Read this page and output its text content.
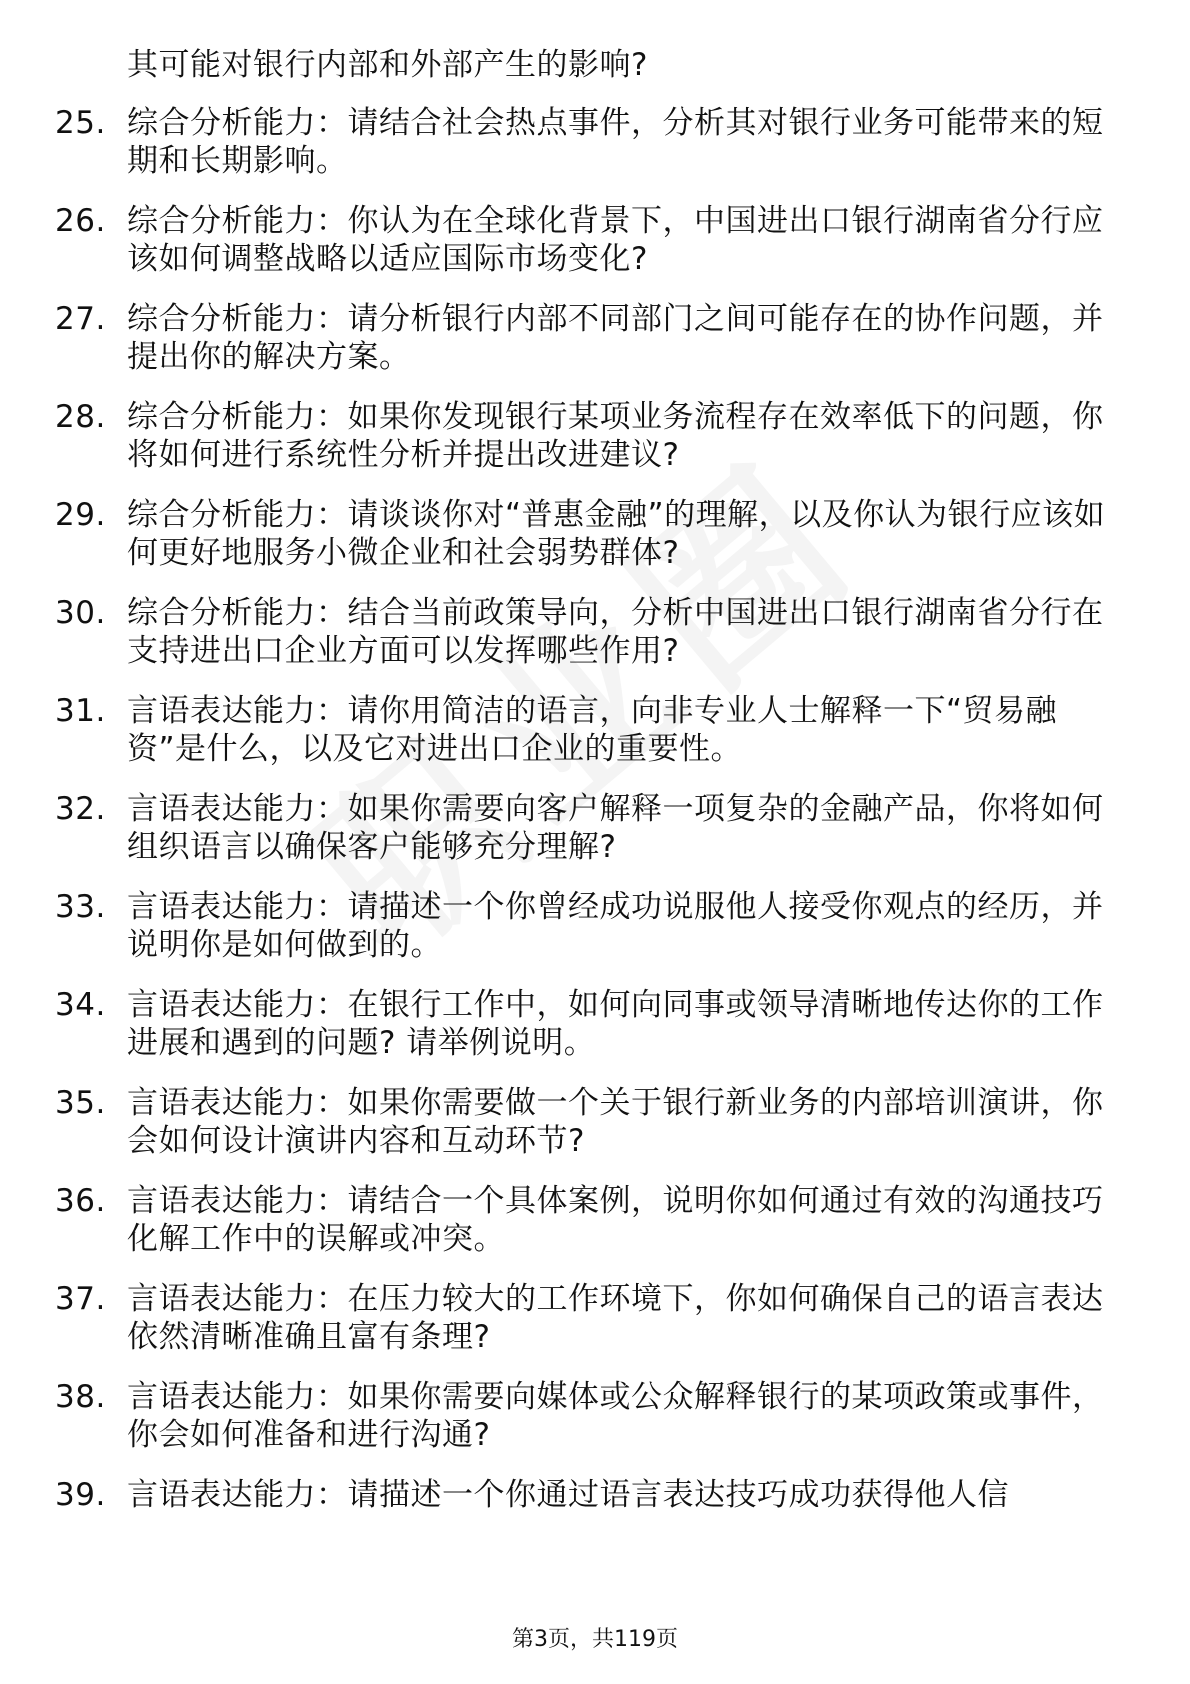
其可能对银行内部和外部产生的影响?
25. 综合分析能力：请结合社会热点事件，分析其对银行业务可能带来的短期和长期影响。
26. 综合分析能力：你认为在全球化背景下，中国进出口银行湖南省分行应该如何调整战略以适应国际市场变化?
27. 综合分析能力：请分析银行内部不同部门之间可能存在的协作问题，并提出你的解决方案。
28. 综合分析能力：如果你发现银行某项业务流程存在效率低下的问题，你将如何进行系统性分析并提出改进建议?
29. 综合分析能力：请谈谈你对“普惠金融”的理解，以及你认为银行应该如何更好地服务小微企业和社会弱势群体?
30. 综合分析能力：结合当前政策导向，分析中国进出口银行湖南省分行在支持进出口企业方面可以发挥哪些作用?
31. 言语表达能力：请你用简洁的语言，向非专业人士解释一下“贸易融资”是什么，以及它对进出口企业的重要性。
32. 言语表达能力：如果你需要向客户解释一项复杂的金融产品，你将如何组织语言以确保客户能够充分理解?
33. 言语表达能力：请描述一个你曾经成功说服他人接受你观点的经历，并说明你是如何做到的。
34. 言语表达能力：在银行工作中，如何向同事或领导清晰地传达你的工作进展和遇到的问题? 请举例说明。
35. 言语表达能力：如果你需要做一个关于银行新业务的内部培训演讲，你会如何设计演讲内容和互动环节?
36. 言语表达能力：请结合一个具体案例，说明你如何通过有效的沟通技巧化解工作中的误解或冲突。
37. 言语表达能力：在压力较大的工作环境下，你如何确保自己的语言表达依然清晰准确且富有条理?
38. 言语表达能力：如果你需要向媒体或公众解释银行的某项政策或事件，你会如何准备和进行沟通?
39. 言语表达能力：请描述一个你通过语言表达技巧成功获得他人信
第3页，共119页
